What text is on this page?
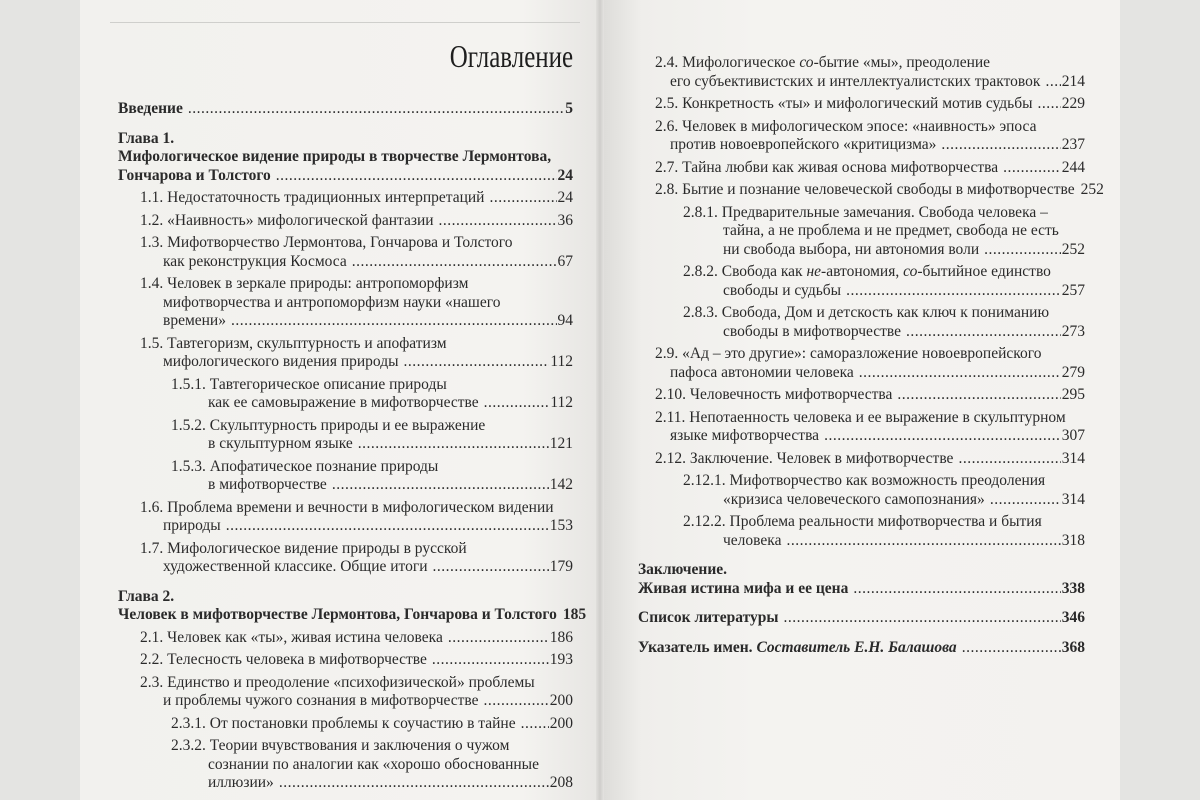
Оглавление
Введение .....	5
Глава 1.
Мифологическое видение природы в творчестве Лермонтова,
Гончарова и Толстого .....	24
1.1. Недостаточность традиционных интерпретаций .....	24
1.2. «Наивность» мифологической фантазии .....	36
1.3. Мифотворчество Лермонтова, Гончарова и Толстого
как реконструкция Космоса .....	67
1.4. Человек в зеркале природы: антропоморфизм
мифотворчества и антропоморфизм науки «нашего
времени» .....	94
1.5. Тавтегоризм, скульптурность и апофатизм
мифологического видения природы .....	112
1.5.1. Тавтегорическое описание природы
как ее самовыражение в мифотворчестве .....	112
1.5.2. Скульптурность природы и ее выражение
в скульптурном языке .....	121
1.5.3. Апофатическое познание природы
в мифотворчестве .....	142
1.6. Проблема времени и вечности в мифологическом видении
природы .....	153
1.7. Мифологическое видение природы в русской
художественной классике. Общие итоги .....	179
Глава 2.
Человек в мифотворчестве Лермонтова, Гончарова и Толстого 185
2.1. Человек как «ты», живая истина человека .....	186
2.2. Телесность человека в мифотворчестве .....	193
2.3. Единство и преодоление «психофизической» проблемы
и проблемы чужого сознания в мифотворчестве .....	200
2.3.1. От постановки проблемы к соучастию в тайне ..... 200
2.3.2. Теории вчувствования и заключения о чужом
сознании по аналогии как «хорошо обоснованные
иллюзии» .....	208
2.4. Мифологическое со-бытие «мы», преодоление
его субъективистских и интеллектуалистских трактовок ..... 214
2.5. Конкретность «ты» и мифологический мотив судьбы ..... 229
2.6. Человек в мифологическом эпосе: «наивность» эпоса
против новоевропейского «критицизма» .....	237
2.7. Тайна любви как живая основа мифотворчества .....	244
2.8. Бытие и познание человеческой свободы в мифотворчестве 252
2.8.1. Предварительные замечания. Свобода человека –
тайна, а не проблема и не предмет, свобода не есть
ни свобода выбора, ни автономия воли .....	252
2.8.2. Свобода как не-автономия, со-бытийное единство
свободы и судьбы .....	257
2.8.3. Свобода, Дом и детскость как ключ к пониманию
свободы в мифотворчестве .....	273
2.9. «Ад – это другие»: саморазложение новоевропейского
пафоса автономии человека .....	279
2.10. Человечность мифотворчества .....	295
2.11. Непотаенность человека и ее выражение в скульптурном
языке мифотворчества .....	307
2.12. Заключение. Человек в мифотворчестве .....	314
2.12.1. Мифотворчество как возможность преодоления
«кризиса человеческого самопознания» .....	314
2.12.2. Проблема реальности мифотворчества и бытия
человека .....	318
Заключение.
Живая истина мифа и ее цена .....	338
Список литературы .....	346
Указатель имен. Составитель Е.Н. Балашова .....	368
